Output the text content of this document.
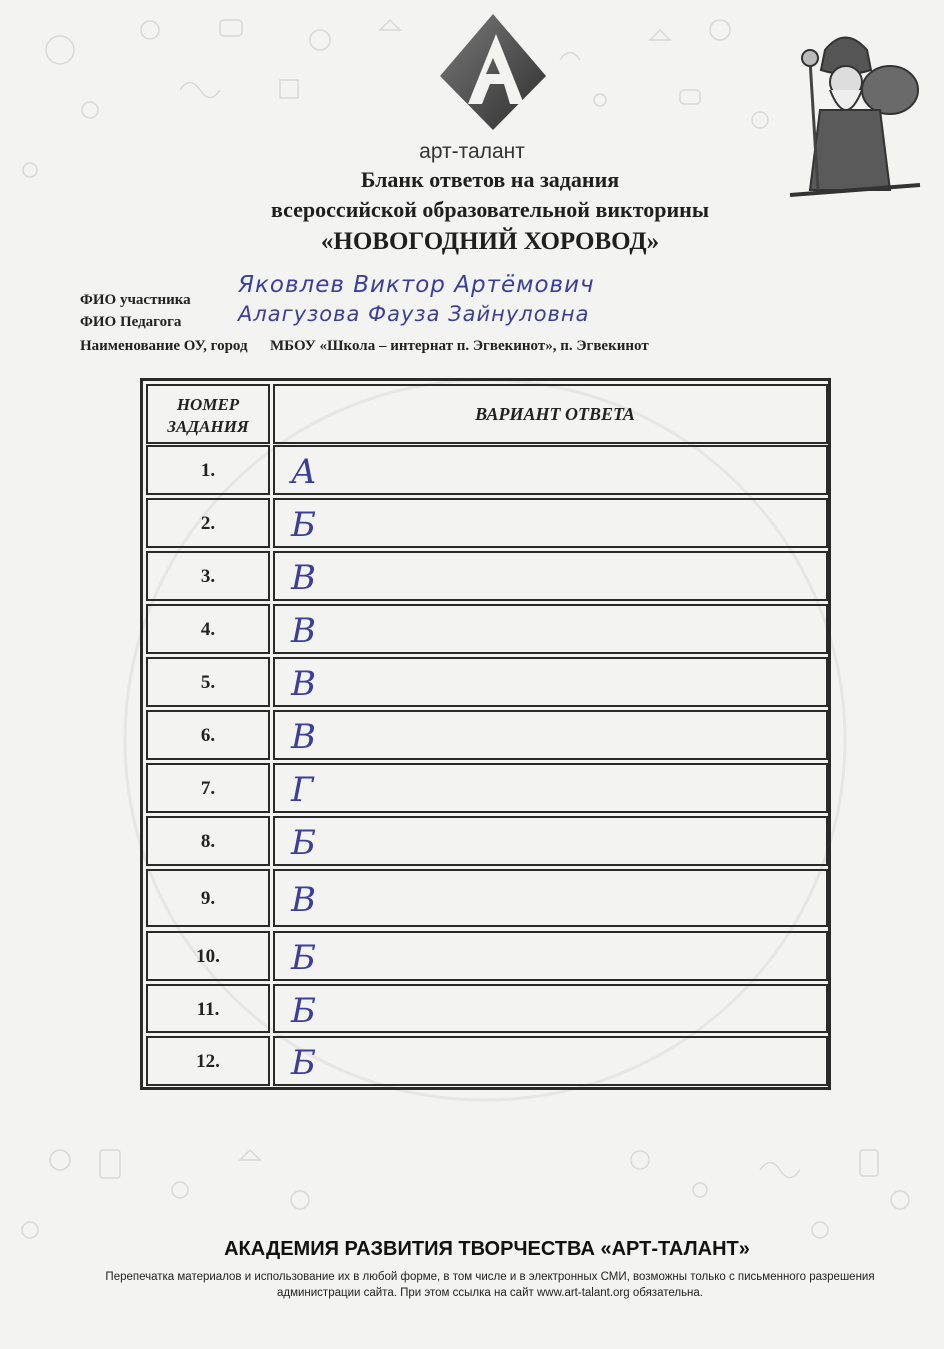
арт-талант
Бланк ответов на задания
всероссийской образовательной викторины
«НОВОГОДНИЙ ХОРОВОД»
ФИО участника
Яковлев Виктор Артёмович
ФИО Педагога	Алагузова Фауза Зайнуловна
Наименование ОУ, город МБОУ «Школа – интернат п. Эгвекинот», п. Эгвекинот
НОМЕР ЗАДАНИЯ
ВАРИАНТ ОТВЕТА
1.	А
2.	Б
3.	В
4.	В
5.	В
6.	В
7.	Г
8.	Б
9.	В
10.	Б
11.	Б
12.	Б
АКАДЕМИЯ РАЗВИТИЯ ТВОРЧЕСТВА «АРТ-ТАЛАНТ»
Перепечатка материалов и использование их в любой форме, в том числе и в электронных СМИ, возможны только с письменного разрешения администрации сайта. При этом ссылка на сайт www.art-talant.org обязательна.
